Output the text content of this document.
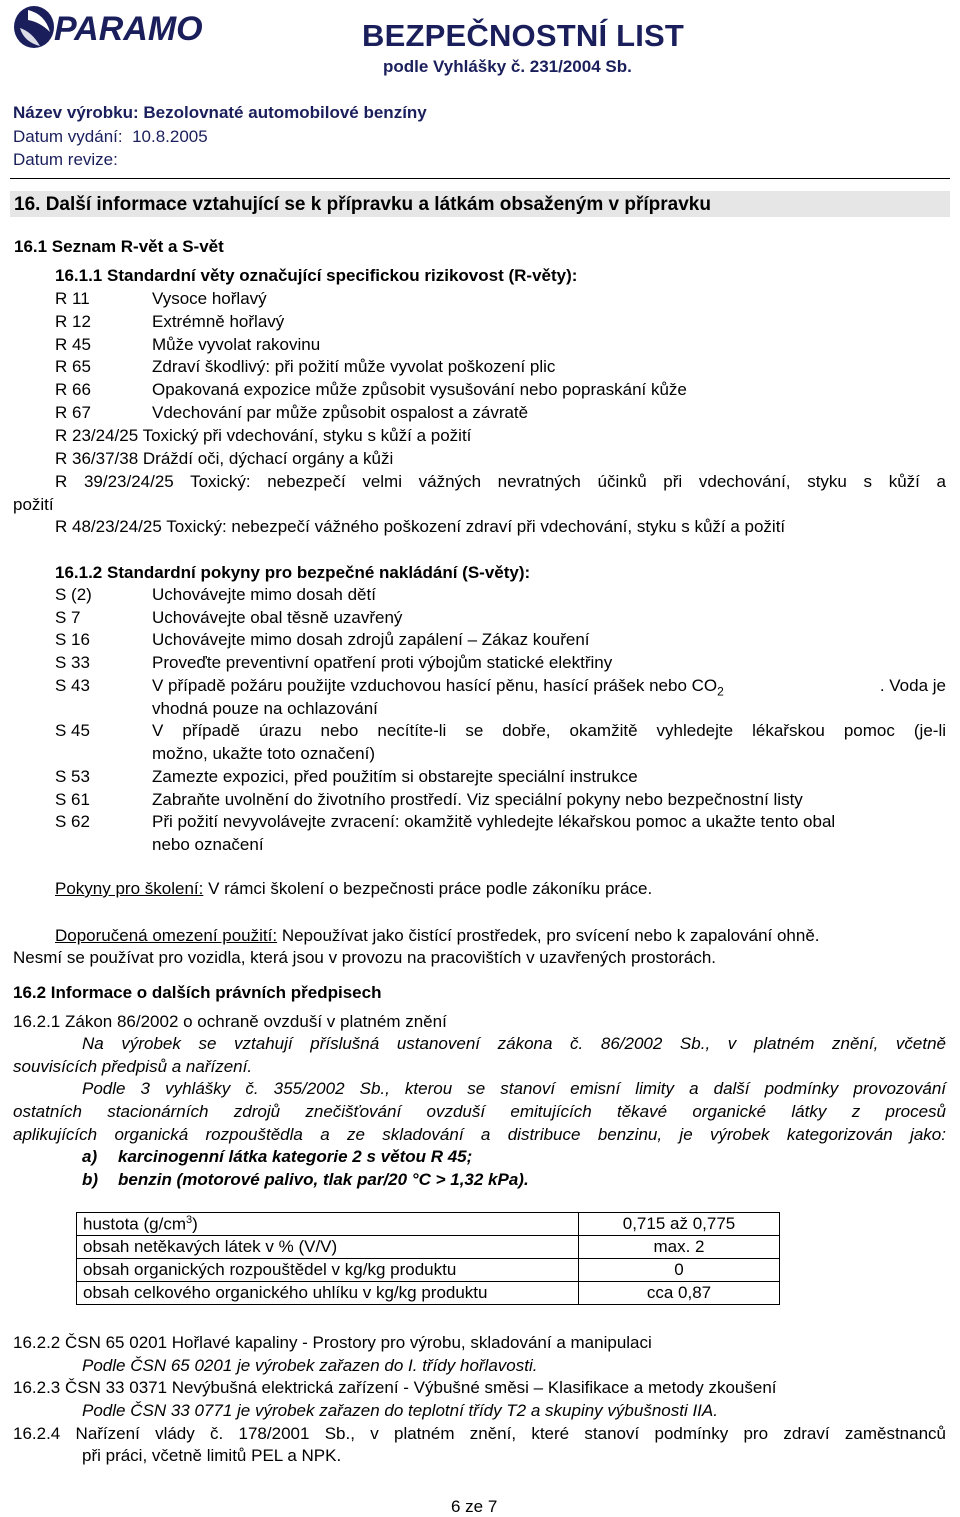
PARAMO	BEZPEČNOSTNÍ LIST
podle Vyhlášky č. 231/2004 Sb.
Název výrobku: Bezolovnaté automobilové benzíny
Datum vydání: 10.8.2005
Datum revize:
16. Další informace vztahující se k přípravku a látkám obsaženým v přípravku
16.1 Seznam R-vět a S-vět
16.1.1 Standardní věty označující specifickou rizikovost (R-věty):
R 11	Vysoce hořlavý
R 12	Extrémně hořlavý
R 45	Může vyvolat rakovinu
R 65	Zdraví škodlivý: při požití může vyvolat poškození plic
R 66	Opakovaná expozice může způsobit vysušování nebo popraskání kůže
R 67	Vdechování par může způsobit ospalost a závratě
R 23/24/25 Toxický při vdechování, styku s kůží a požití
R 36/37/38 Dráždí oči, dýchací orgány a kůži
R 39/23/24/25 Toxický: nebezpečí velmi vážných nevratných účinků při vdechování, styku s kůží a
požití
R 48/23/24/25 Toxický: nebezpečí vážného poškození zdraví při vdechování, styku s kůží a požití
16.1.2 Standardní pokyny pro bezpečné nakládání (S-věty):
S (2)	Uchovávejte mimo dosah dětí
S 7	Uchovávejte obal těsně uzavřený
S 16	Uchovávejte mimo dosah zdrojů zapálení – Zákaz kouření
S 33	Proveďte preventivní opatření proti výbojům statické elektřiny
S 43	V případě požáru použijte vzduchovou hasící pěnu, hasící prášek nebo $CO_2$	. Voda je
vhodná pouze na ochlazování
S 45	V případě úrazu nebo necítíte-li se dobře, okamžitě vyhledejte lékařskou pomoc (je-li
možno, ukažte toto označení)
S 53	Zamezte expozici, před použitím si obstarejte speciální instrukce
S 61	Zabraňte uvolnění do životního prostředí. Viz speciální pokyny nebo bezpečnostní listy
S 62	Při požití nevyvolávejte zvracení: okamžitě vyhledejte lékařskou pomoc a ukažte tento obal
nebo označení
Pokyny pro školení: V rámci školení o bezpečnosti práce podle zákoníku práce.
Doporučená omezení použití: Nepoužívat jako čistící prostředek, pro svícení nebo k zapalování ohně.
Nesmí se používat pro vozidla, která jsou v provozu na pracovištích v uzavřených prostorách.
16.2 Informace o dalších právních předpisech
16.2.1 Zákon 86/2002 o ochraně ovzduší v platném znění
Na výrobek se vztahují příslušná ustanovení zákona č. 86/2002 Sb., v platném znění, včetně
souvisících předpisů a nařízení.
Podle 3 vyhlášky č. 355/2002 Sb., kterou se stanoví emisní limity a další podmínky provozování
ostatních stacionárních zdrojů znečišťování ovzduší emitujících těkavé organické látky z procesů
aplikujících organická rozpouštědla a ze skladování a distribuce benzinu, je výrobek kategorizován jako:
a) karcinogenní látka kategorie 2 s větou R 45;
b) benzin (motorové palivo, tlak par/20 °C > 1,32 kPa).
hustota $(g/cm^3)$	0,715 až 0,775
obsah netěkavých látek v % (V/V)	max. 2
obsah organických rozpouštědel v kg/kg produktu	0
obsah celkového organického uhlíku v kg/kg produktu	cca 0,87
16.2.2 ČSN 65 0201 Hořlavé kapaliny - Prostory pro výrobu, skladování a manipulaci
Podle ČSN 65 0201 je výrobek zařazen do I. třídy hořlavosti.
16.2.3 ČSN 33 0371 Nevýbušná elektrická zařízení - Výbušné směsi – Klasifikace a metody zkoušení
Podle ČSN 33 0771 je výrobek zařazen do teplotní třídy T2 a skupiny výbušnosti IIA.
16.2.4 Nařízení vlády č. 178/2001 Sb., v platném znění, které stanoví podmínky pro zdraví zaměstnanců
při práci, včetně limitů PEL a NPK.
6 ze 7
